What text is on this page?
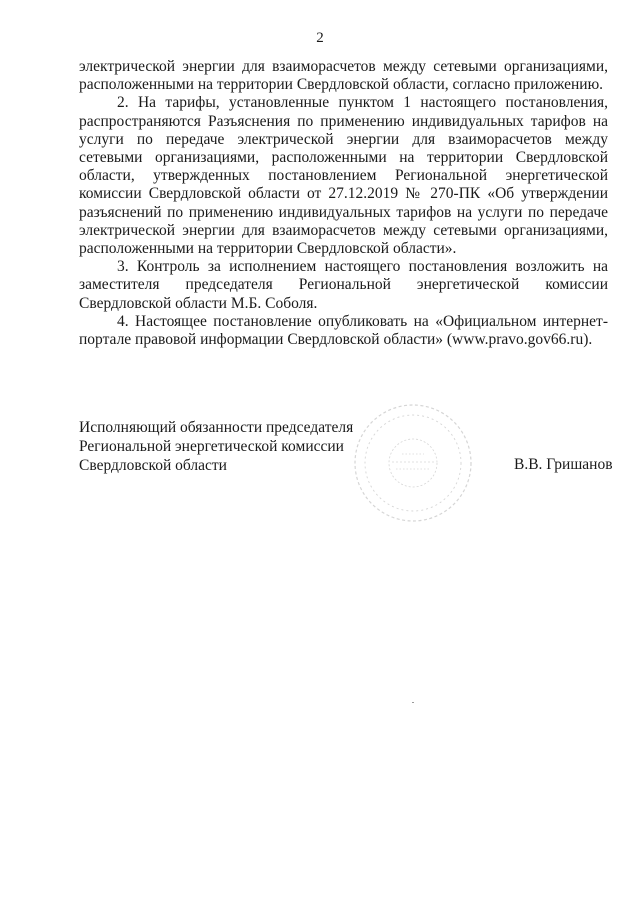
2

электрической энергии для взаиморасчетов между сетевыми организациями, расположенными на территории Свердловской области, согласно приложению.

2. На тарифы, установленные пунктом 1 настоящего постановления, распространяются Разъяснения по применению индивидуальных тарифов на услуги по передаче электрической энергии для взаиморасчетов между сетевыми организациями, расположенными на территории Свердловской области, утвержденных постановлением Региональной энергетической комиссии Свердловской области от 27.12.2019 № 270-ПК «Об утверждении разъяснений по применению индивидуальных тарифов на услуги по передаче электрической энергии для взаиморасчетов между сетевыми организациями, расположенными на территории Свердловской области».

3. Контроль за исполнением настоящего постановления возложить на заместителя председателя Региональной энергетической комиссии Свердловской области М.Б. Соболя.

4. Настоящее постановление опубликовать на «Официальном интернет-портале правовой информации Свердловской области» (www.pravo.gov66.ru).

Исполняющий обязанности председателя
Региональной энергетической комиссии
Свердловской области	В.В. Гришанов
